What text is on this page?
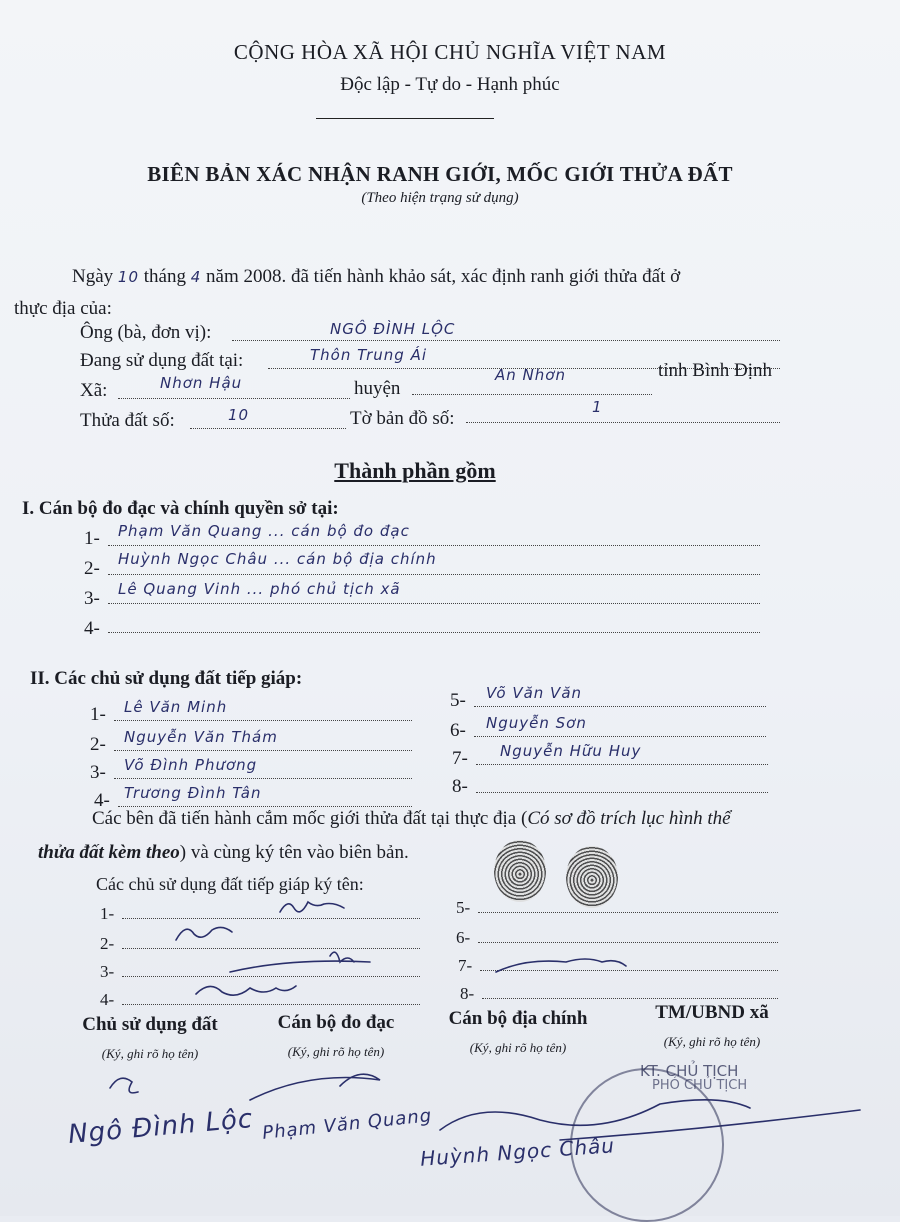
CỘNG HÒA XÃ HỘI CHỦ NGHĨA VIỆT NAM
Độc lập - Tự do - Hạnh phúc
BIÊN BẢN XÁC NHẬN RANH GIỚI, MỐC GIỚI THỬA ĐẤT
(Theo hiện trạng sử dụng)
Ngày 10 tháng 4 năm 2008. đã tiến hành khảo sát, xác định ranh giới thửa đất ở
thực địa của:
Ông (bà, đơn vị):	NGÔ ĐÌNH LỘC
Đang sử dụng đất tại:	Thôn Trung Ái
Xã:	Nhơn Hậu	huyện
An Nhơn	tỉnh Bình Định
Thửa đất số:	10	Tờ bản đồ số:
1
Thành phần gồm
I. Cán bộ đo đạc và chính quyền sở tại:
1- Phạm Văn Quang ... cán bộ đo đạc
2- Huỳnh Ngọc Châu ... cán bộ địa chính
3- Lê Quang Vinh ... phó chủ tịch xã
4-
II. Các chủ sử dụng đất tiếp giáp:
1- Lê Văn Minh
2- Nguyễn Văn Thám
3- Võ Đình Phương
4- Trương Đình Tân
5- Võ Văn Văn
6- Nguyễn Sơn
7- Nguyễn Hữu Huy
8-
Các bên đã tiến hành cắm mốc giới thửa đất tại thực địa (Có sơ đồ trích lục hình thể
thửa đất kèm theo) và cùng ký tên vào biên bản.
Các chủ sử dụng đất tiếp giáp ký tên:
1-
2-
3-
4-
5-
6-
7-
8-
Chủ sử dụng đất
(Ký, ghi rõ họ tên)
Ngô Đình Lộc
Cán bộ đo đạc
(Ký, ghi rõ họ tên)
Phạm Văn Quang
Cán bộ địa chính
(Ký, ghi rõ họ tên)
Huỳnh Ngọc Châu
TM/UBND xã
(Ký, ghi rõ họ tên)
KT. CHỦ TỊCH
PHÓ CHỦ TỊCH
